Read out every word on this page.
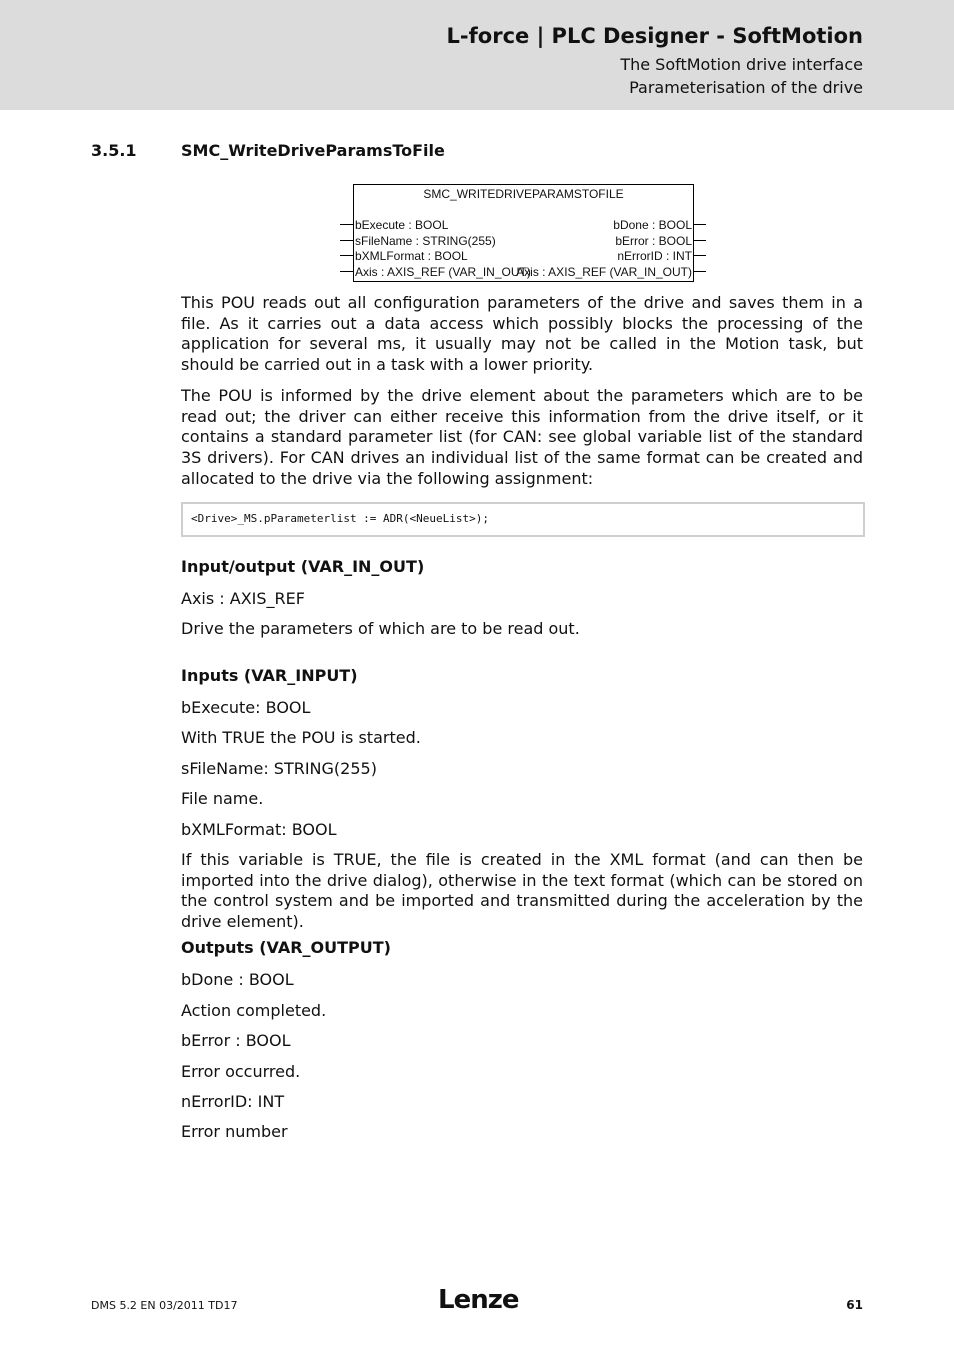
L-force | PLC Designer - SoftMotion
The SoftMotion drive interface
Parameterisation of the drive
3.5.1	SMC_WriteDriveParamsToFile
SMC_WRITEDRIVEPARAMSTOFILE
bExecute : BOOL
sFileName : STRING(255)
bXMLFormat : BOOL
Axis : AXIS_REF (VAR_IN_OUT)
bDone : BOOL
bError : BOOL
nErrorID : INT
Axis : AXIS_REF (VAR_IN_OUT)
This POU reads out all configuration parameters of the drive and saves them in a file. As it carries out a data access which possibly blocks the processing of the application for several ms, it usually may not be called in the Motion task, but should be carried out in a task with a lower priority.
The POU is informed by the drive element about the parameters which are to be read out; the driver can either receive this information from the drive itself, or it contains a standard parameter list (for CAN: see global variable list of the standard 3S drivers). For CAN drives an individual list of the same format can be created and allocated to the drive via the following assignment:
<Drive>_MS.pParameterlist := ADR(<NeueList>);
Input/output (VAR_IN_OUT)
Axis : AXIS_REF
Drive the parameters of which are to be read out.
Inputs (VAR_INPUT)
bExecute: BOOL
With TRUE the POU is started.
sFileName: STRING(255)
File name.
bXMLFormat: BOOL
If this variable is TRUE, the file is created in the XML format (and can then be imported into the drive dialog), otherwise in the text format (which can be stored on the control system and be imported and transmitted during the acceleration by the drive element).
Outputs (VAR_OUTPUT)
bDone : BOOL
Action completed.
bError : BOOL
Error occurred.
nErrorID: INT
Error number
DMS 5.2 EN 03/2011 TD17	Lenze	61
